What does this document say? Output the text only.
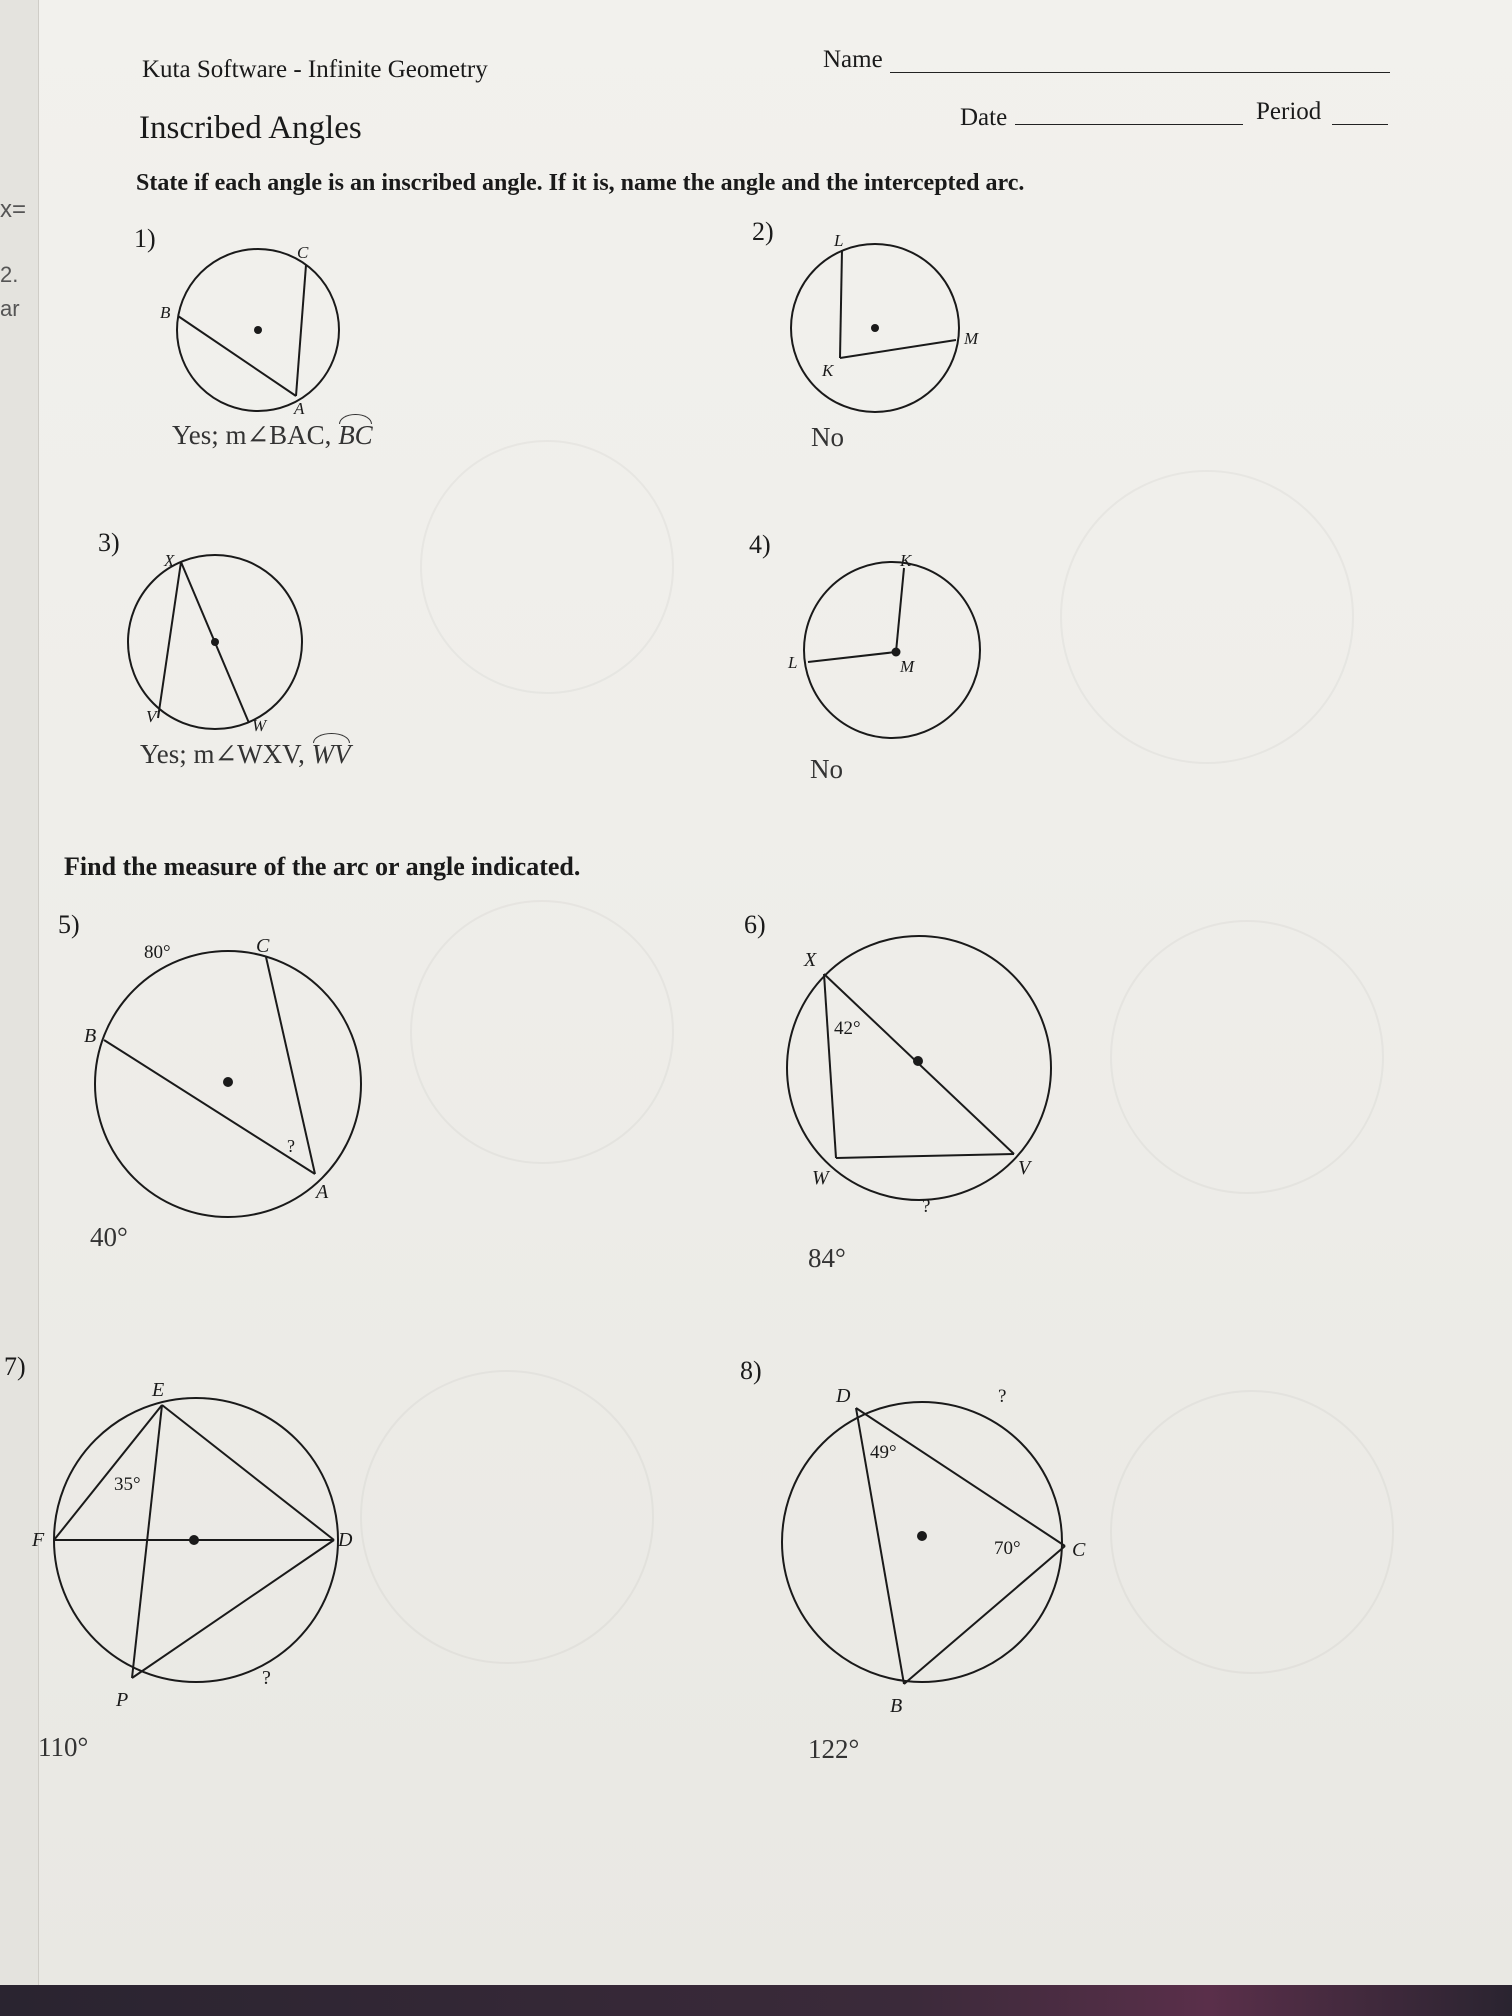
x=
2.
ar
Kuta Software - Infinite Geometry	Name
Inscribed Angles	Date	Period
State if each angle is an inscribed angle. If it is, name the angle and the intercepted arc.
1)	C
B
A
Yes; m∠BAC, BC
2)	L
M
K
No
3)
X
V	W
Yes; m∠WXV, WV
4)
K
L	M
No
Find the measure of the arc or angle indicated.
5)
C
B
A
80°
?
40°
6)
X
W	V
42°
?
84°
7)
E
F	D
P
35°
?
110°
8)
D
C
B
49°
70°
?
122°
